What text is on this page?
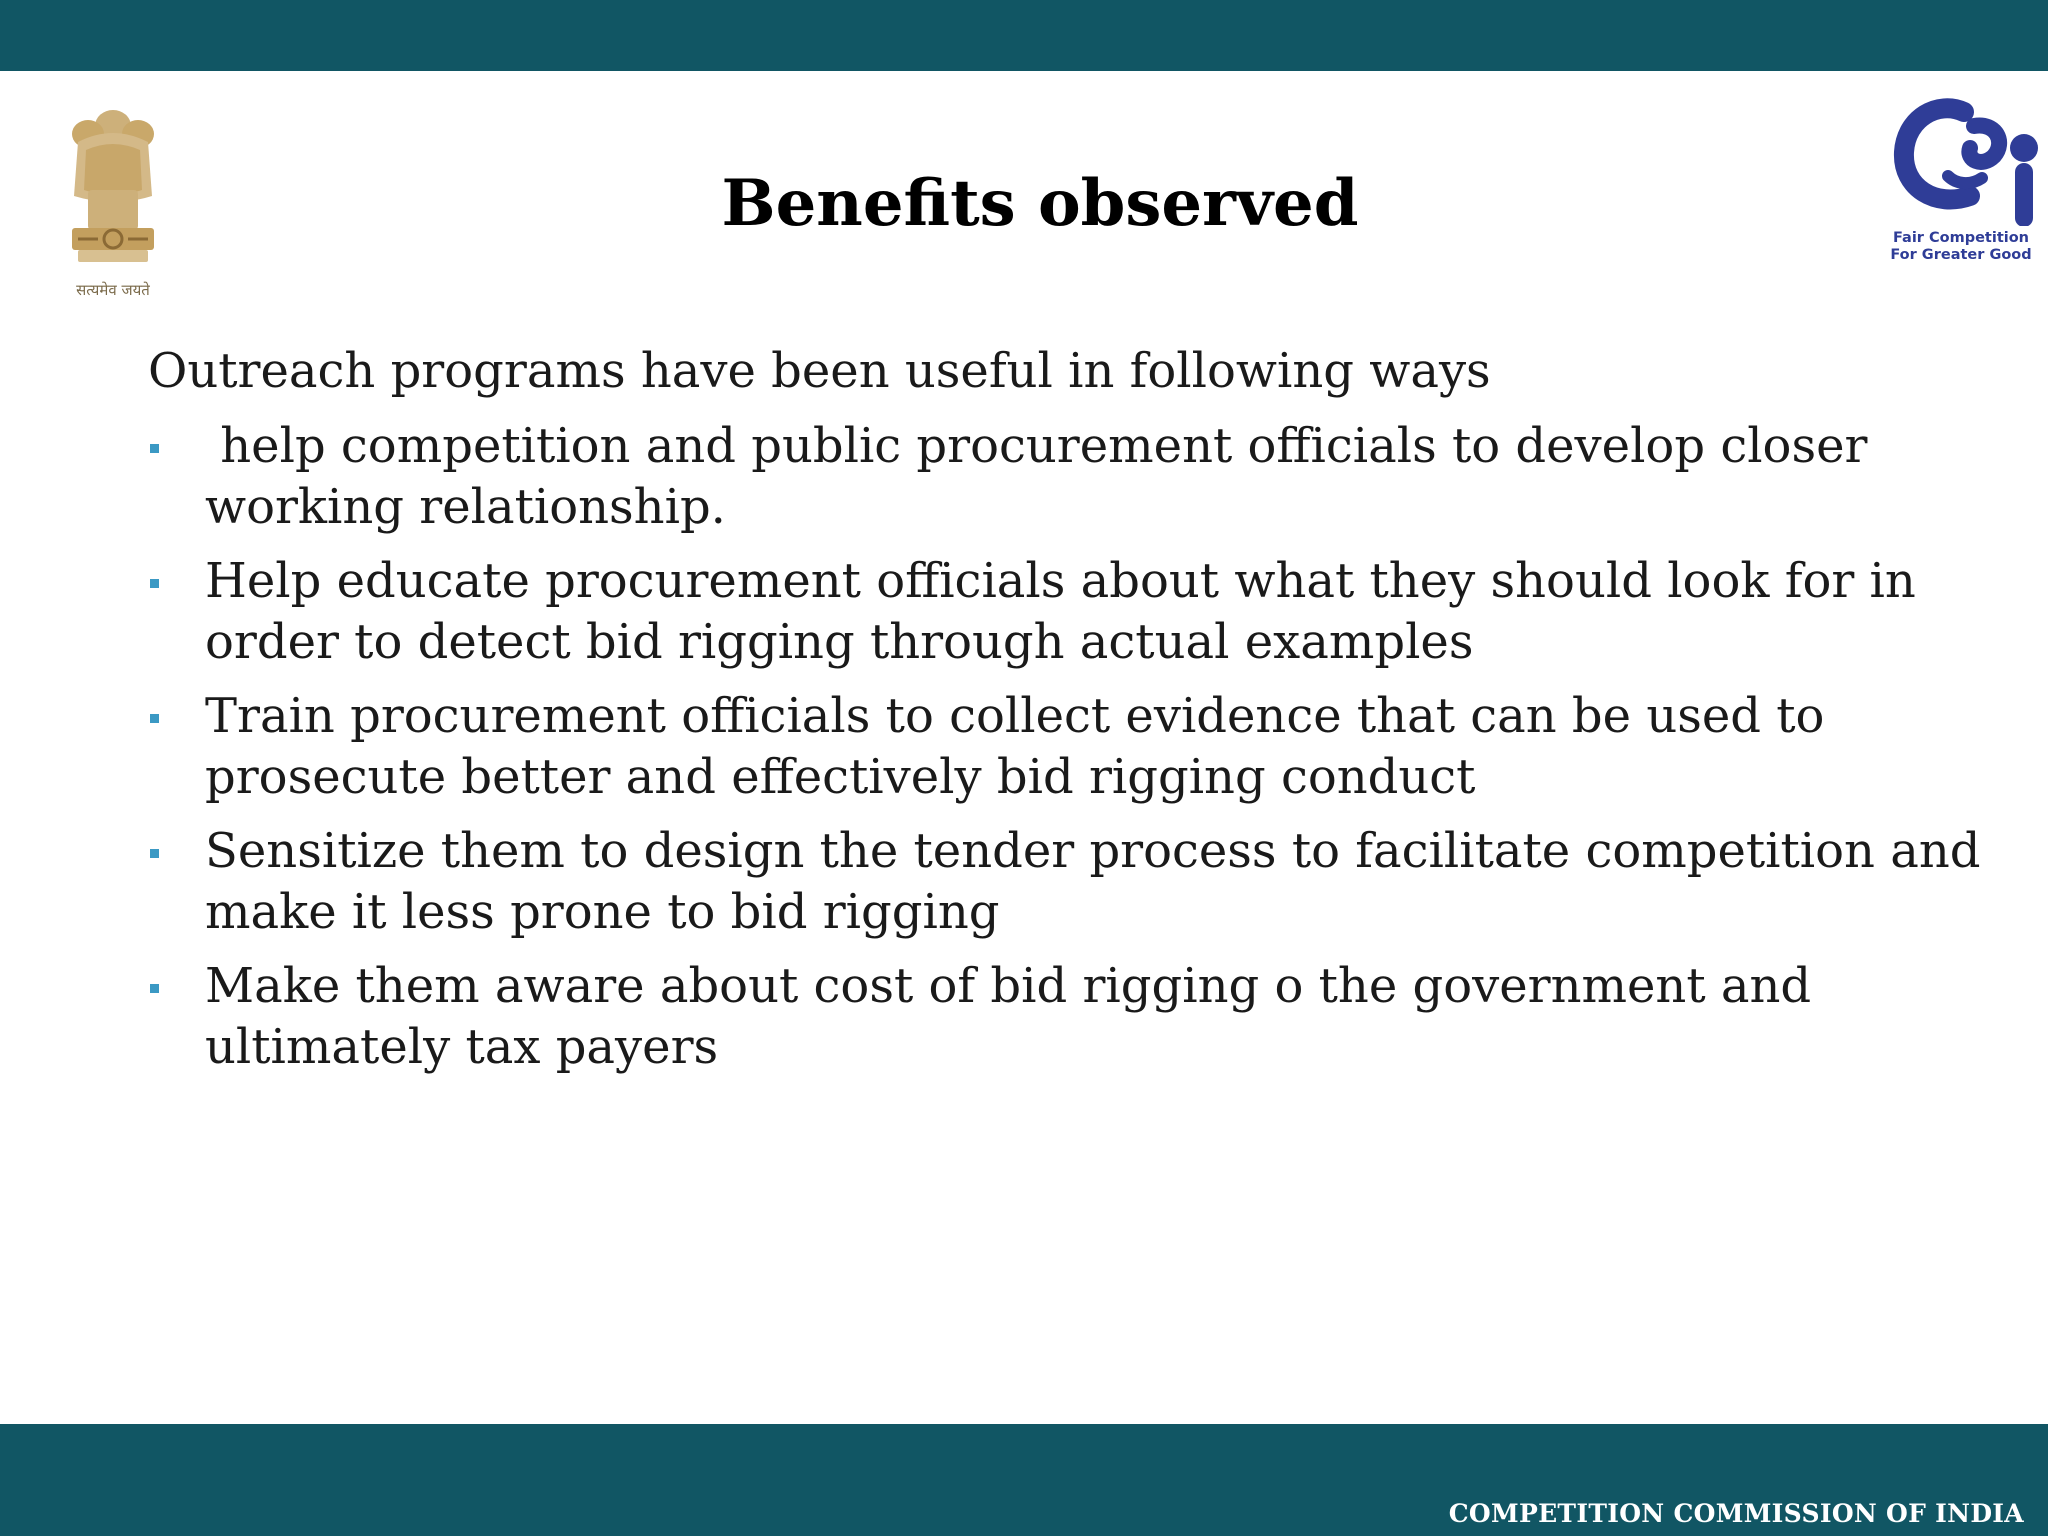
सत्यमेव जयते
Fair Competition
For Greater Good
Benefits observed

Outreach programs have been useful in following ways

help competition and public procurement officials to develop closer working relationship.
Help educate procurement officials about what they should look for in order to detect bid rigging through actual examples
Train procurement officials to collect evidence that can be used to prosecute better and effectively bid rigging conduct
Sensitize them to design the tender process to facilitate competition and make it less prone to bid rigging
Make them aware about cost of bid rigging o the government and ultimately tax payers
COMPETITION COMMISSION OF INDIA
